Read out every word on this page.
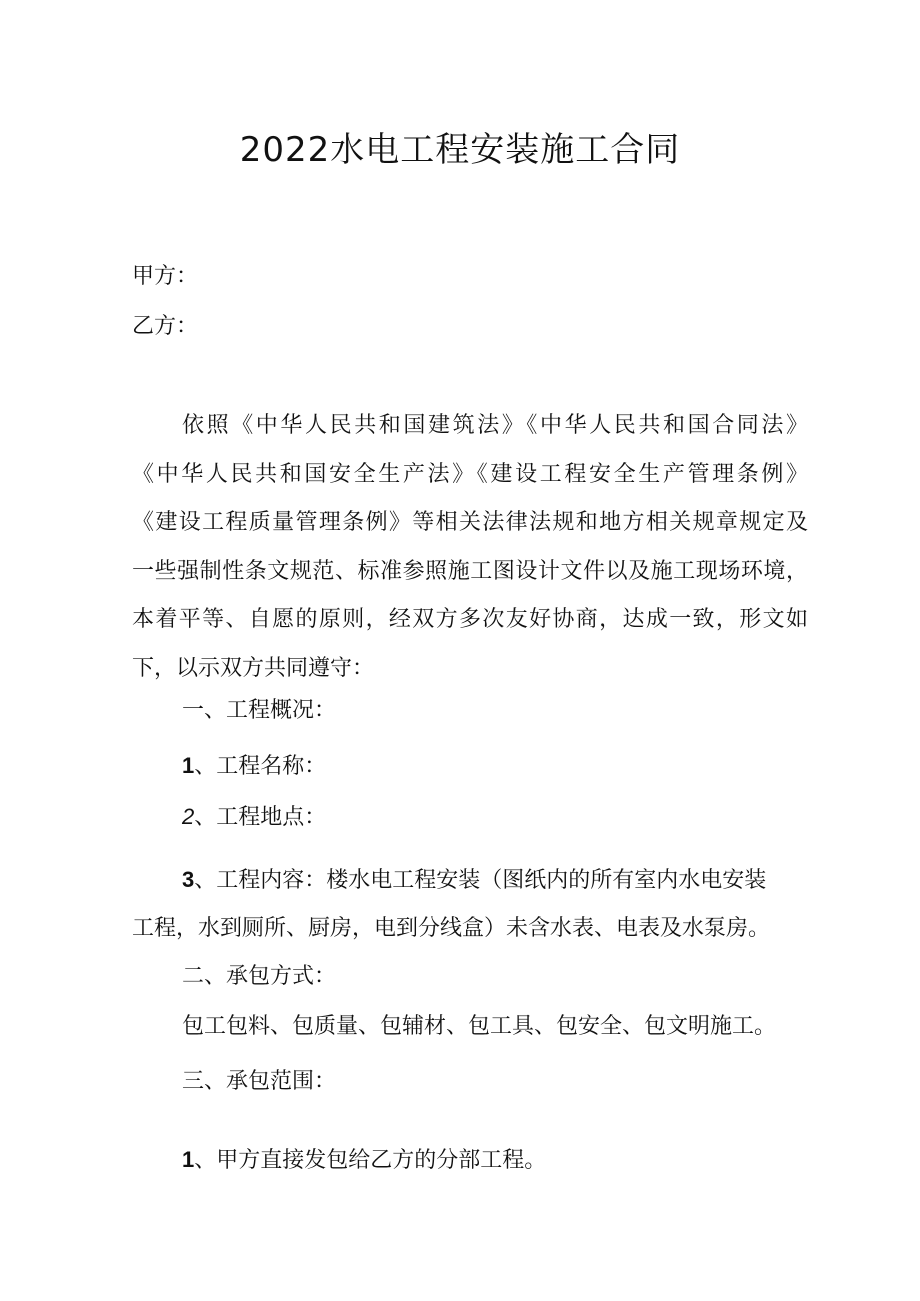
2022水电工程安装施工合同
甲方：
乙方：
依照《中华人民共和国建筑法》《中华人民共和国合同法》
《中华人民共和国安全生产法》《建设工程安全生产管理条例》
《建设工程质量管理条例》等相关法律法规和地方相关规章规定及
一些强制性条文规范、标准参照施工图设计文件以及施工现场环境，
本着平等、自愿的原则，经双方多次友好协商，达成一致，形文如
下，以示双方共同遵守：
一、工程概况：
1、工程名称：
2、工程地点：
3、工程内容：楼水电工程安装（图纸内的所有室内水电安装
工程，水到厕所、厨房，电到分线盒）未含水表、电表及水泵房。
二、承包方式：
包工包料、包质量、包辅材、包工具、包安全、包文明施工。
三、承包范围：
1、甲方直接发包给乙方的分部工程。
